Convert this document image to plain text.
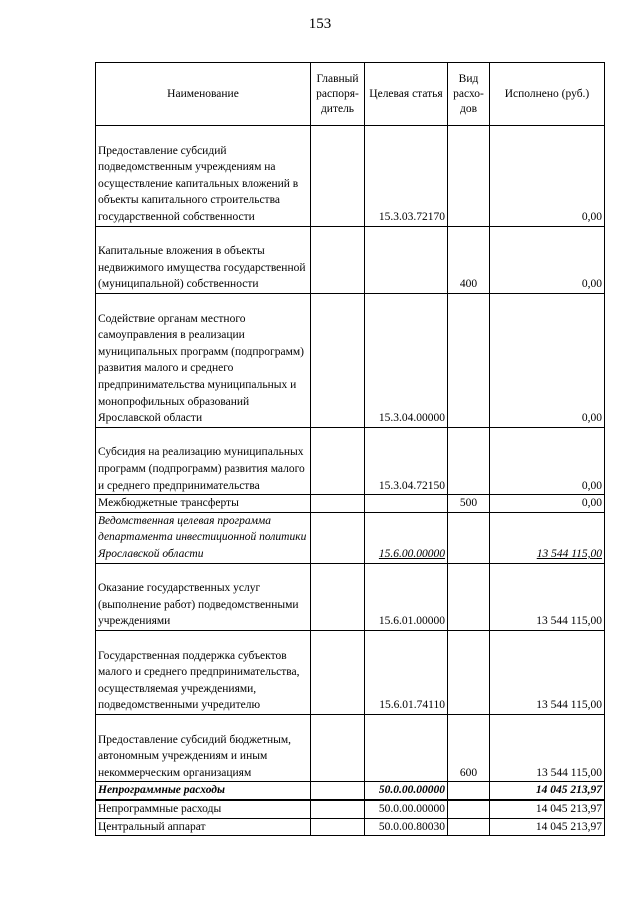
153
Наименование	Главный распоря-дитель	Целевая статья	Вид расхо-дов	Исполнено (руб.)
Предоставление субсидий подведомственным учреждениям на осуществление капитальных вложений в объекты капитального строительства государственной собственности		15.3.03.72170		0,00
Капитальные вложения в объекты недвижимого имущества государственной (муниципальной) собственности			400	0,00
Содействие органам местного самоуправления в реализации муниципальных программ (подпрограмм) развития малого и среднего предпринимательства муниципальных и монопрофильных образований Ярославской области		15.3.04.00000		0,00
Субсидия на реализацию муниципальных программ (подпрограмм) развития малого и среднего предпринимательства		15.3.04.72150		0,00
Межбюджетные трансферты			500	0,00
Ведомственная целевая программа департамента инвестиционной политики Ярославской области		15.6.00.00000		13 544 115,00
Оказание государственных услуг (выполнение работ) подведомственными учреждениями		15.6.01.00000		13 544 115,00
Государственная поддержка субъектов малого и среднего предпринимательства, осуществляемая учреждениями, подведомственными учредителю		15.6.01.74110		13 544 115,00
Предоставление субсидий бюджетным, автономным учреждениям и иным некоммерческим организациям			600	13 544 115,00
Непрограммные расходы		50.0.00.00000		14 045 213,97
Непрограммные расходы		50.0.00.00000		14 045 213,97
Центральный аппарат		50.0.00.80030		14 045 213,97
